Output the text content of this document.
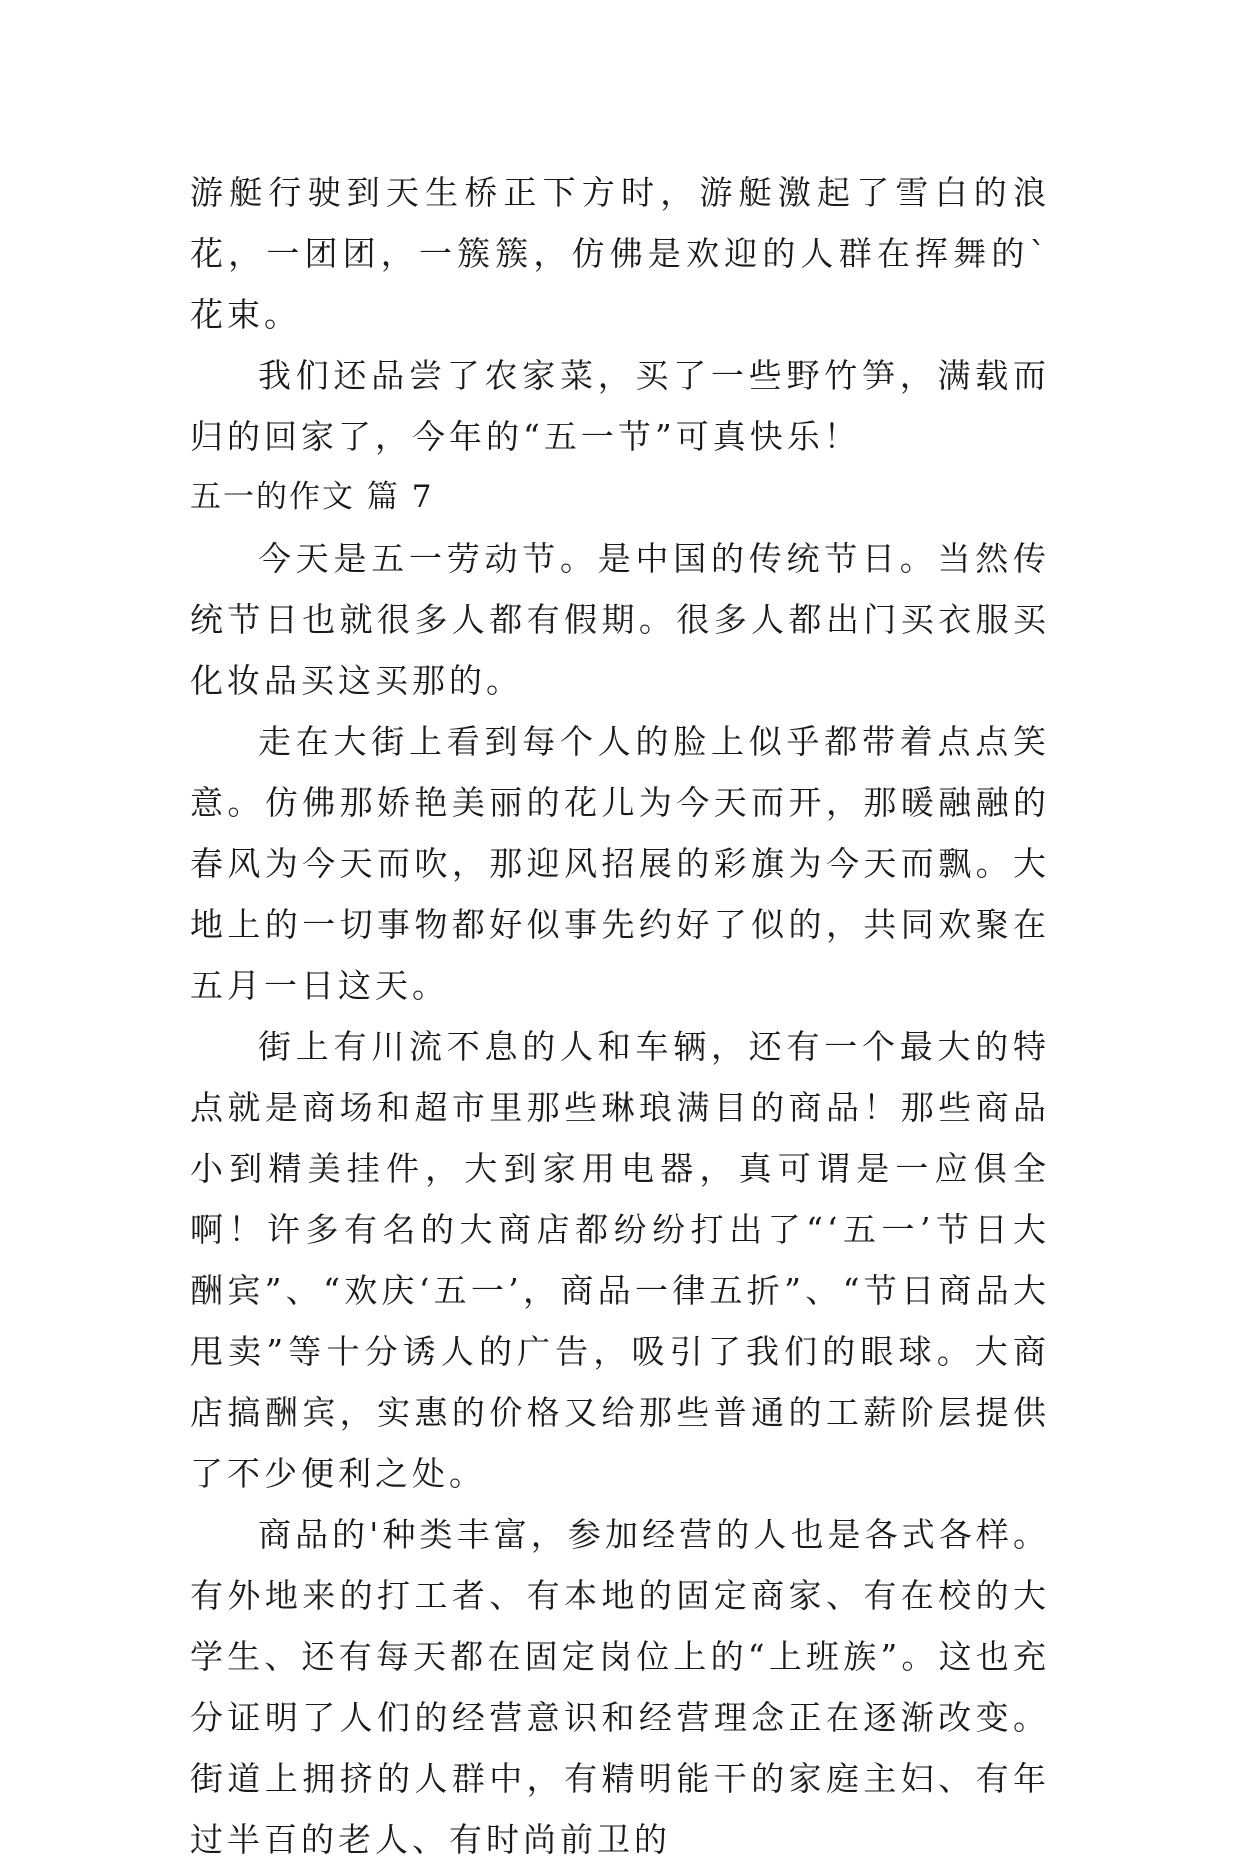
游艇行驶到天生桥正下方时，游艇激起了雪白的浪花，一团团，一簇簇，仿佛是欢迎的人群在挥舞的`花束。

我们还品尝了农家菜，买了一些野竹笋，满载而归的回家了，今年的“五一节”可真快乐！

五一的作文 篇 7

今天是五一劳动节。是中国的传统节日。当然传统节日也就很多人都有假期。很多人都出门买衣服买化妆品买这买那的。

走在大街上看到每个人的脸上似乎都带着点点笑意。仿佛那娇艳美丽的花儿为今天而开，那暖融融的春风为今天而吹，那迎风招展的彩旗为今天而飘。大地上的一切事物都好似事先约好了似的，共同欢聚在五月一日这天。

街上有川流不息的人和车辆，还有一个最大的特点就是商场和超市里那些琳琅满目的商品！那些商品小到精美挂件，大到家用电器，真可谓是一应俱全啊！许多有名的大商店都纷纷打出了“‘五一’节日大酬宾”、“欢庆‘五一’，商品一律五折”、“节日商品大甩卖”等十分诱人的广告，吸引了我们的眼球。大商店搞酬宾，实惠的价格又给那些普通的工薪阶层提供了不少便利之处。

商品的'种类丰富，参加经营的人也是各式各样。有外地来的打工者、有本地的固定商家、有在校的大学生、还有每天都在固定岗位上的“上班族”。这也充分证明了人们的经营意识和经营理念正在逐渐改变。街道上拥挤的人群中，有精明能干的家庭主妇、有年过半百的老人、有时尚前卫的
